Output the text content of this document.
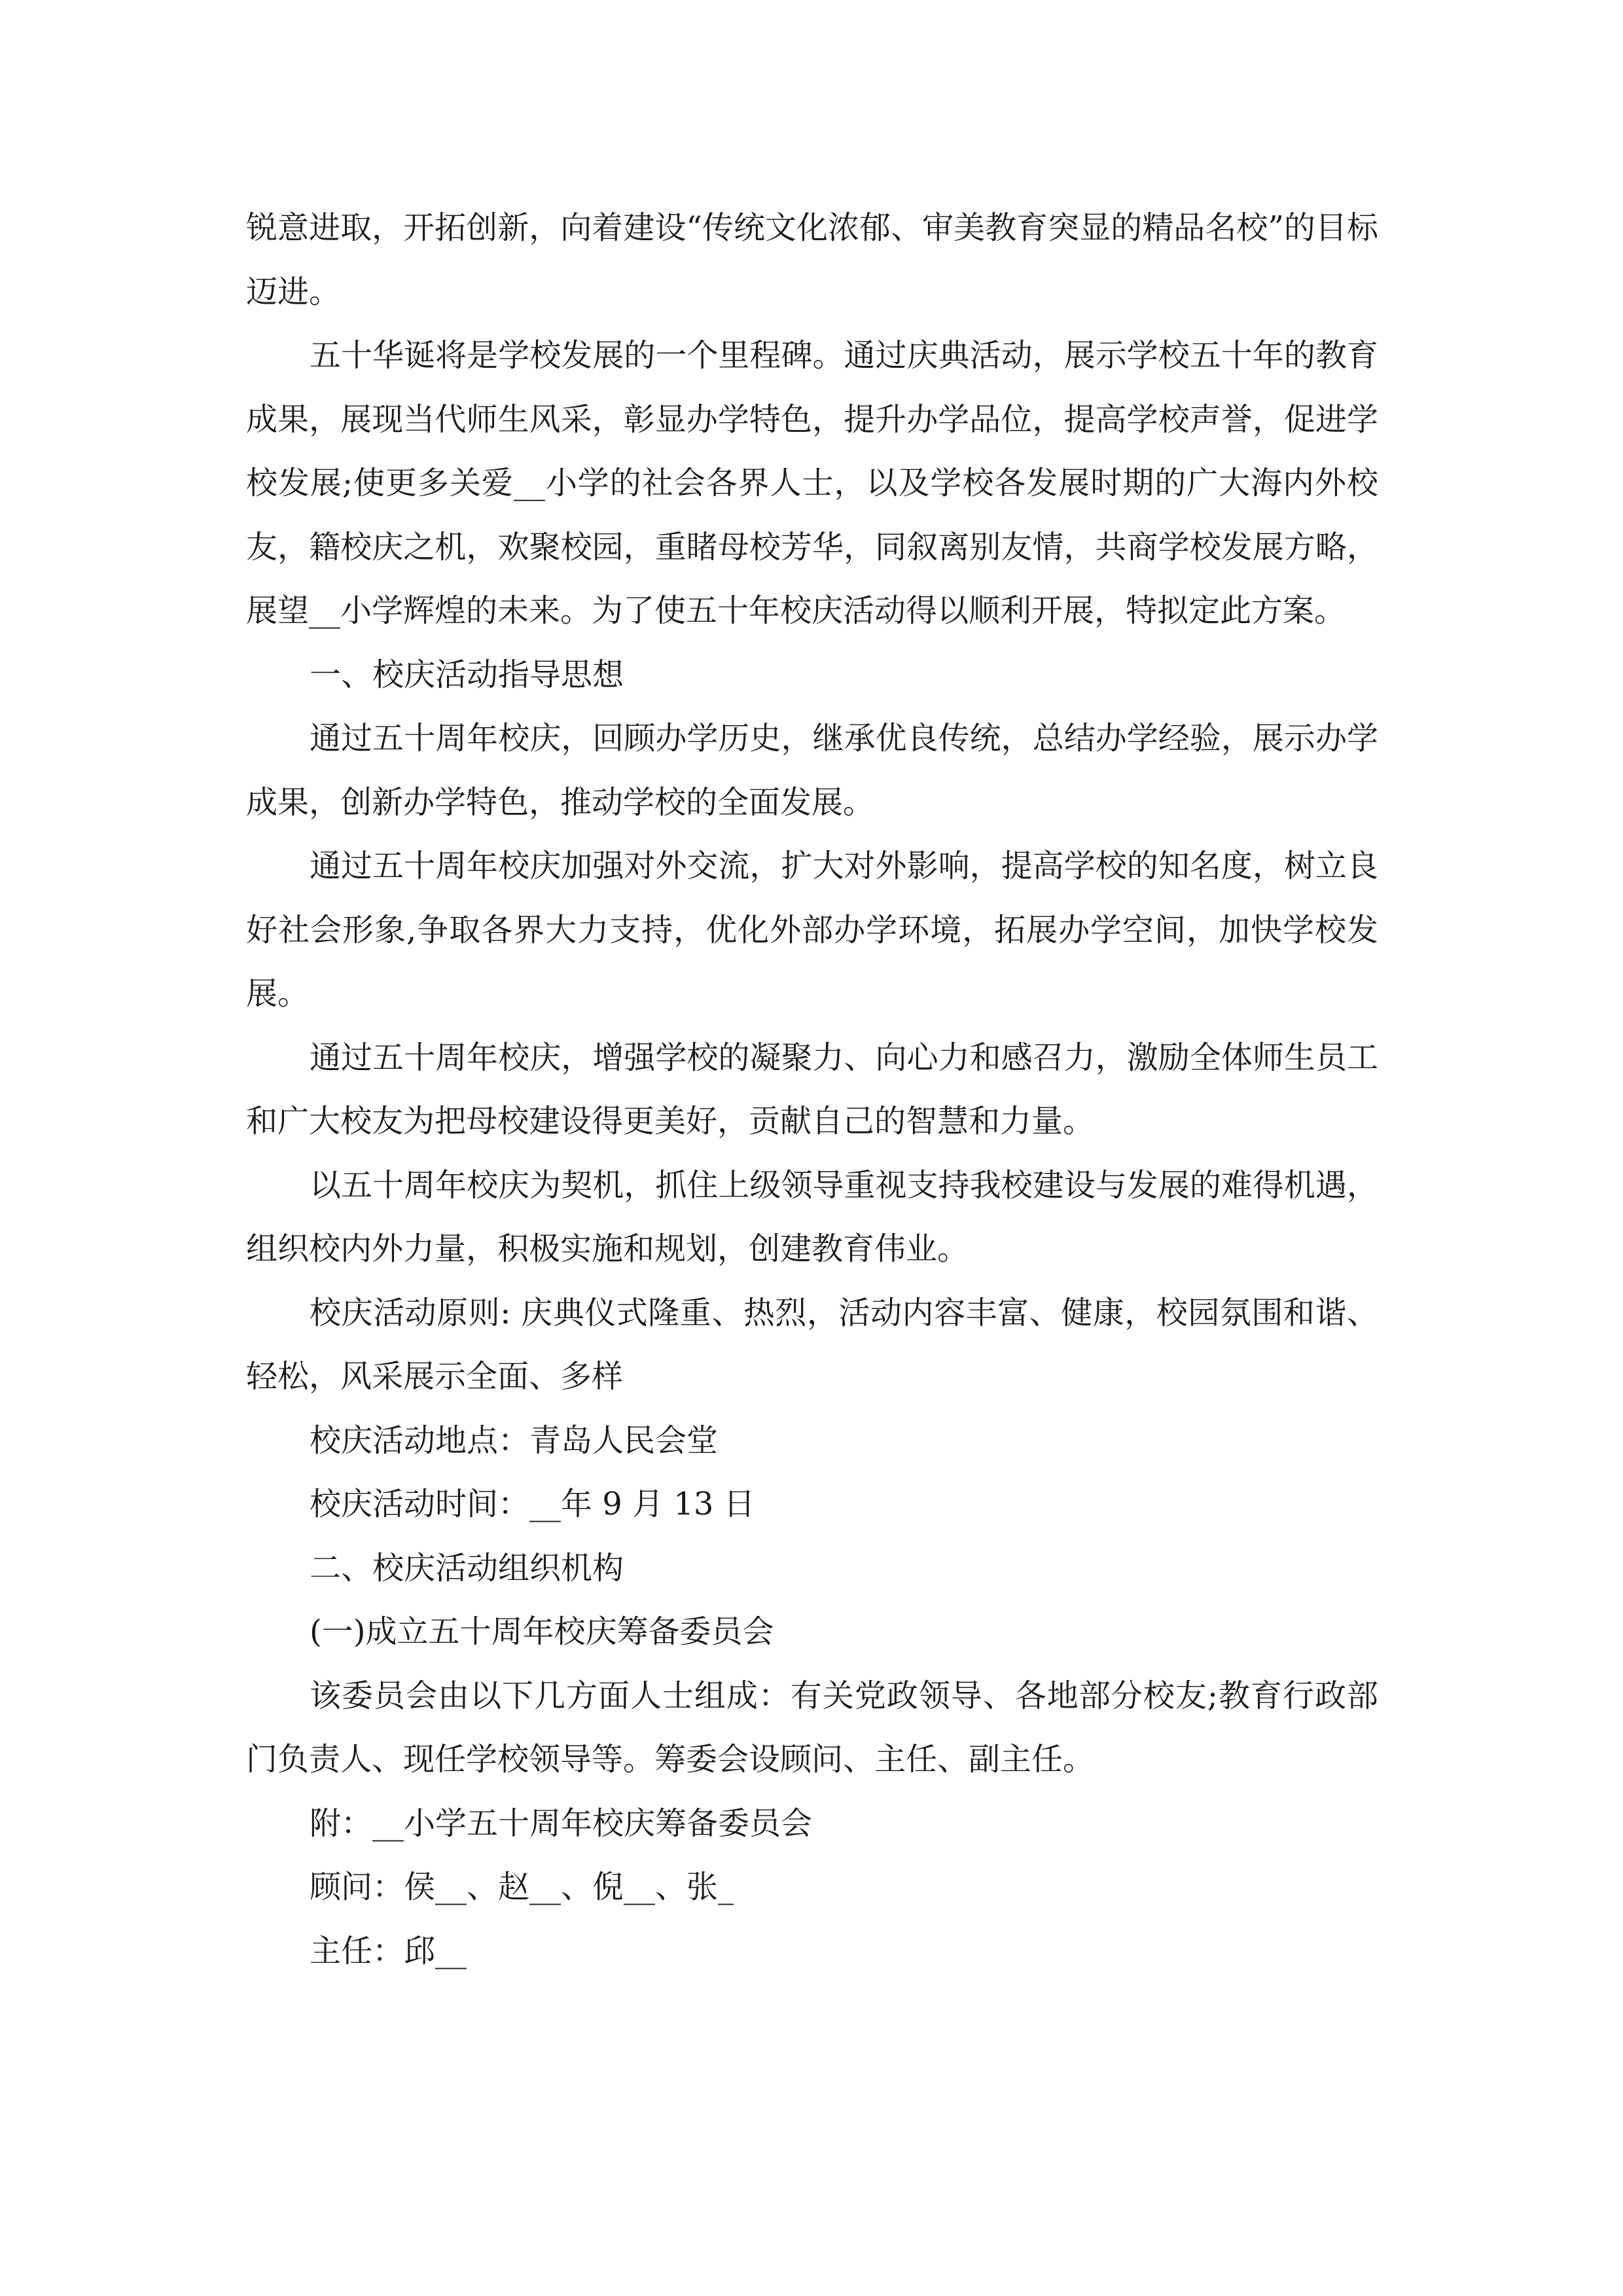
锐意进取，开拓创新，向着建设“传统文化浓郁、审美教育突显的精品名校”的目标迈进。

五十华诞将是学校发展的一个里程碑。通过庆典活动，展示学校五十年的教育成果，展现当代师生风采，彰显办学特色，提升办学品位，提高学校声誉，促进学校发展;使更多关爱__小学的社会各界人士，以及学校各发展时期的广大海内外校友，籍校庆之机，欢聚校园，重睹母校芳华，同叙离别友情，共商学校发展方略，展望__小学辉煌的未来。为了使五十年校庆活动得以顺利开展，特拟定此方案。

一、校庆活动指导思想

通过五十周年校庆，回顾办学历史，继承优良传统，总结办学经验，展示办学成果，创新办学特色，推动学校的全面发展。

通过五十周年校庆加强对外交流，扩大对外影响，提高学校的知名度，树立良好社会形象,争取各界大力支持，优化外部办学环境，拓展办学空间，加快学校发展。

通过五十周年校庆，增强学校的凝聚力、向心力和感召力，激励全体师生员工和广大校友为把母校建设得更美好，贡献自己的智慧和力量。

以五十周年校庆为契机，抓住上级领导重视支持我校建设与发展的难得机遇，组织校内外力量，积极实施和规划，创建教育伟业。

校庆活动原则: 庆典仪式隆重、热烈，活动内容丰富、健康，校园氛围和谐、轻松，风采展示全面、多样

校庆活动地点：青岛人民会堂

校庆活动时间：__年 9 月 13 日

二、校庆活动组织机构

(一)成立五十周年校庆筹备委员会

该委员会由以下几方面人士组成：有关党政领导、各地部分校友;教育行政部门负责人、现任学校领导等。筹委会设顾问、主任、副主任。

附：__小学五十周年校庆筹备委员会

顾问：侯__、赵__、倪__、张_

主任：邱__
